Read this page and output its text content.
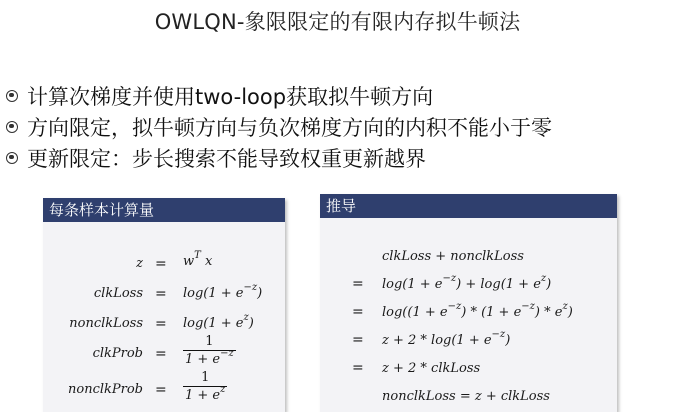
OWLQN-象限限定的有限内存拟牛顿法
计算次梯度并使用two-loop获取拟牛顿方向
方向限定，拟牛顿方向与负次梯度方向的内积不能小于零
更新限定：步长搜索不能导致权重更新越界
每条样本计算量
$z = w^T$ x
clkLoss = $\log(1 + e^{-z})$
nonclkLoss = $\log(1 + e^z)$
clkProb =
1
$1 + e^{-z}$
nonclkProb =
1
$1 + e^z$
推导
clkLoss + nonclkLoss
= $\log(1 + e^{-z}) + \log(1 + e^z)$
= $\log((1 + e^{-z}) * (1 + e^{-z}) * e^z)$
= $z + 2 * \log(1 + e^{-z})$
= z + 2 * clkLoss
nonclkLoss = z + clkLoss
